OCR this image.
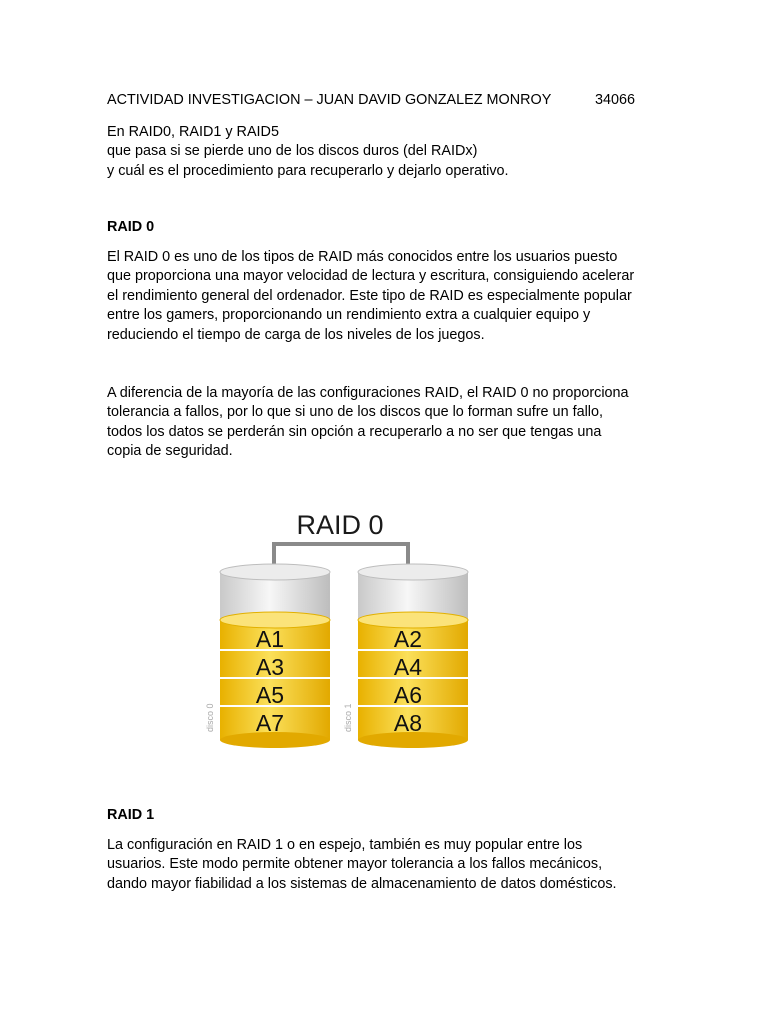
ACTIVIDAD INVESTIGACION – JUAN DAVID GONZALEZ MONROY	34066

En RAID0, RAID1 y RAID5
que pasa si se pierde uno de los discos duros (del RAIDx)
y cuál es el procedimiento para recuperarlo y dejarlo operativo.

RAID 0

El RAID 0 es uno de los tipos de RAID más conocidos entre los usuarios puesto
que proporciona una mayor velocidad de lectura y escritura, consiguiendo acelerar
el rendimiento general del ordenador. Este tipo de RAID es especialmente popular
entre los gamers, proporcionando un rendimiento extra a cualquier equipo y
reduciendo el tiempo de carga de los niveles de los juegos.

A diferencia de la mayoría de las configuraciones RAID, el RAID 0 no proporciona
tolerancia a fallos, por lo que si uno de los discos que lo forman sufre un fallo,
todos los datos se perderán sin opción a recuperarlo a no ser que tengas una
copia de seguridad.

RAID 0
A1
A3
A5
A7
disco 0
A2
A4
A6
A8
disco 1

RAID 1

La configuración en RAID 1 o en espejo, también es muy popular entre los
usuarios. Este modo permite obtener mayor tolerancia a los fallos mecánicos,
dando mayor fiabilidad a los sistemas de almacenamiento de datos domésticos.
